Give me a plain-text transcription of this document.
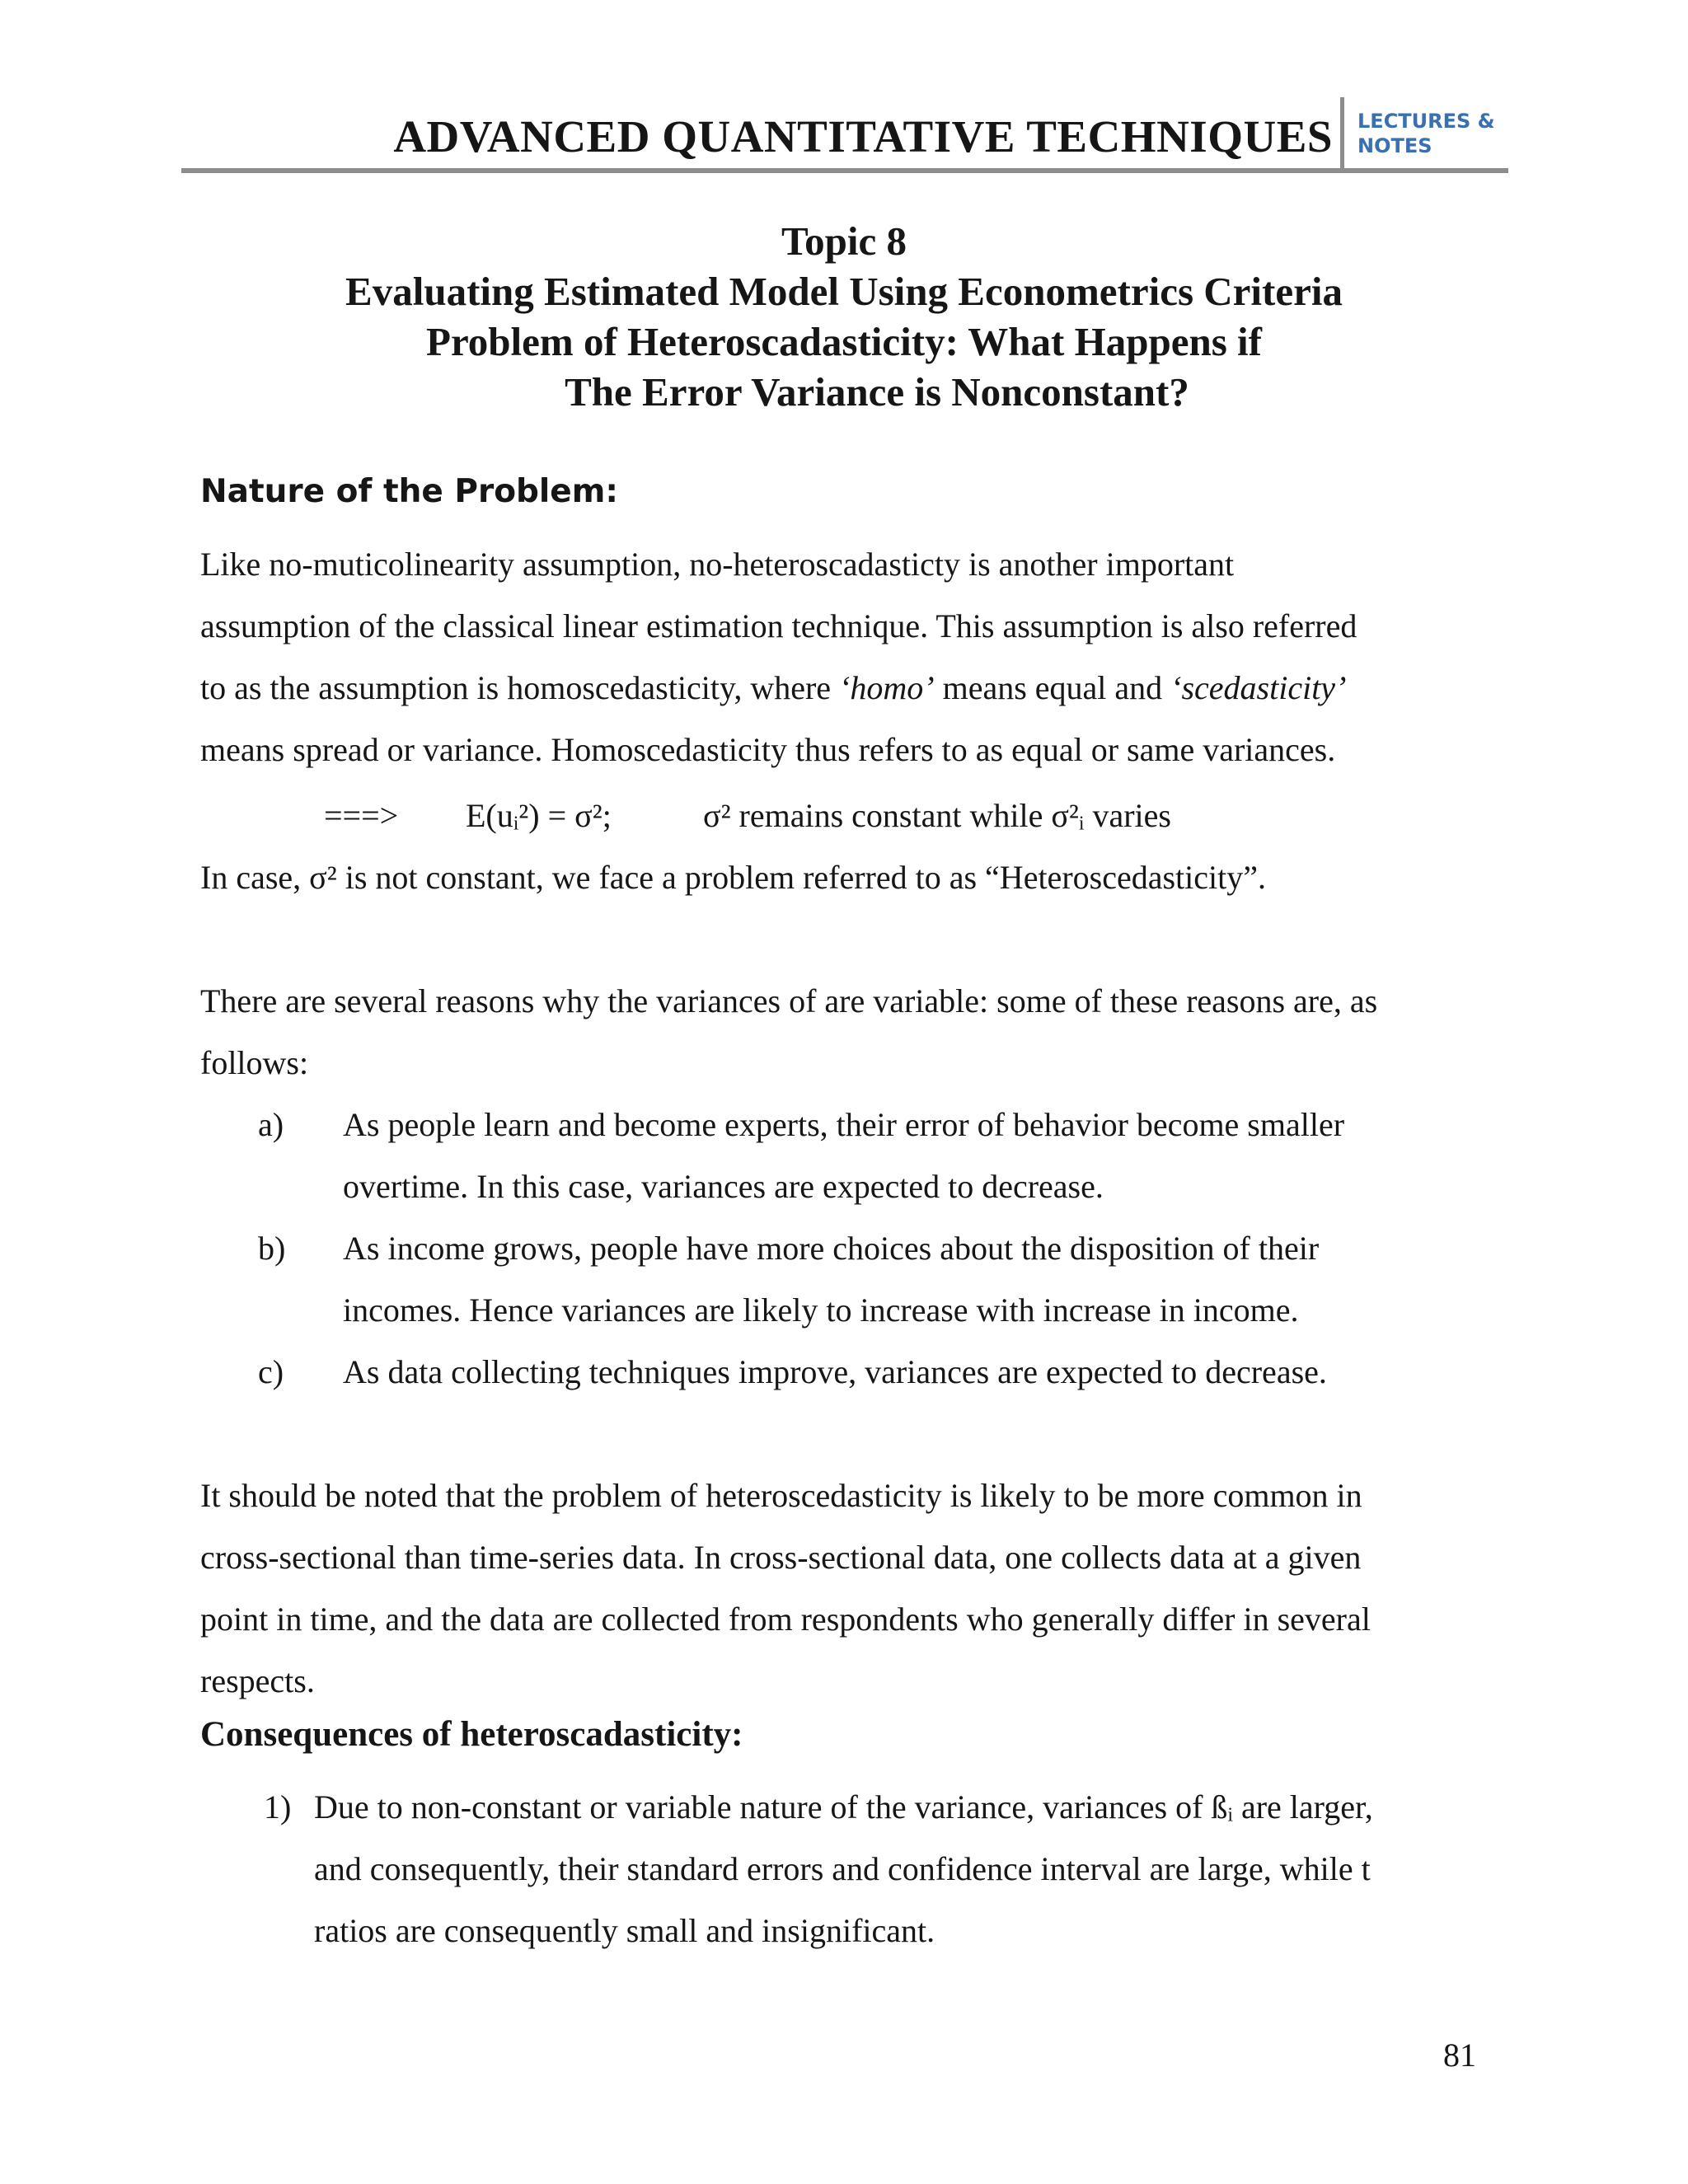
ADVANCED QUANTITATIVE TECHNIQUES LECTURES &
NOTES
Topic 8
Evaluating Estimated Model Using Econometrics Criteria
Problem of Heteroscadasticity: What Happens if
The Error Variance is Nonconstant?
Nature of the Problem:
Like no-muticolinearity assumption, no-heteroscadasticty is another important
assumption of the classical linear estimation technique. This assumption is also referred
to as the assumption is homoscedasticity, where ‘homo’ means equal and ‘scedasticity’
means spread or variance. Homoscedasticity thus refers to as equal or same variances.
===> E(uᵢ²) = σ²;	σ² remains constant while σ²ᵢ varies
In case, σ² is not constant, we face a problem referred to as “Heteroscedasticity”.
There are several reasons why the variances of are variable: some of these reasons are, as
follows:
a) As people learn and become experts, their error of behavior become smaller
overtime. In this case, variances are expected to decrease.
b) As income grows, people have more choices about the disposition of their
incomes. Hence variances are likely to increase with increase in income.
c) As data collecting techniques improve, variances are expected to decrease.
It should be noted that the problem of heteroscedasticity is likely to be more common in
cross-sectional than time-series data. In cross-sectional data, one collects data at a given
point in time, and the data are collected from respondents who generally differ in several
respects.
Consequences of heteroscadasticity:
1) Due to non-constant or variable nature of the variance, variances of ßᵢ are larger,
and consequently, their standard errors and confidence interval are large, while t
ratios are consequently small and insignificant.
81
